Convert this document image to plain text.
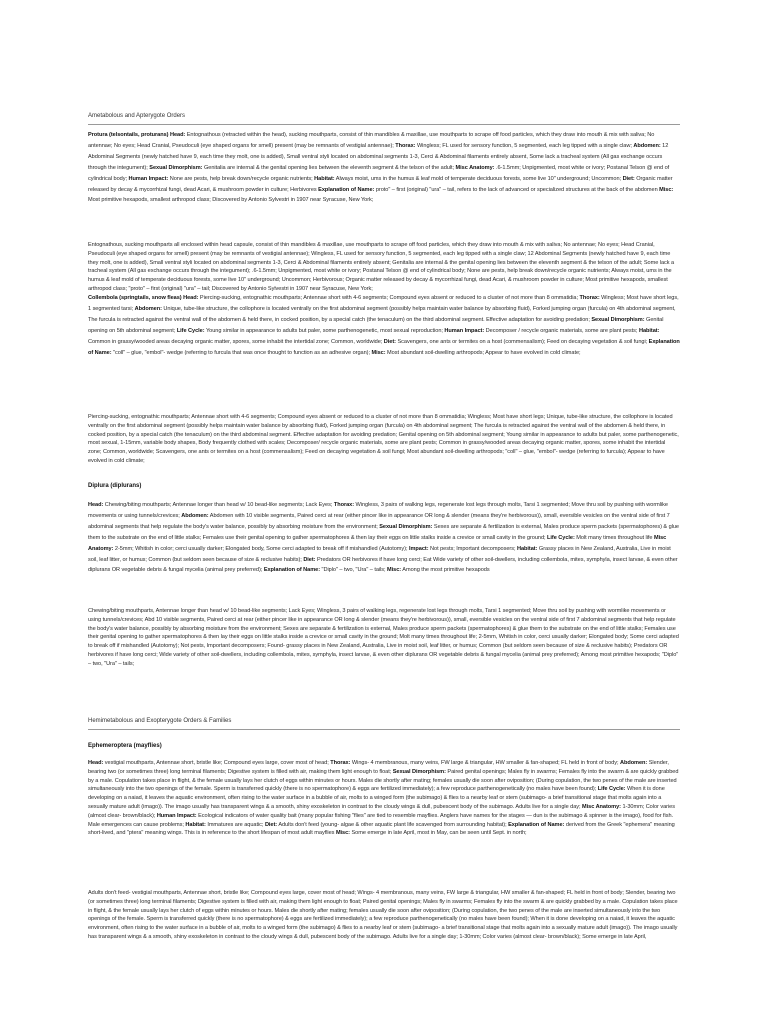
Ametabolous and Apterygote Orders

Protura (telsontails, proturans) Head: Entognathous (retracted within the head), sucking mouthparts, consist of thin mandibles & maxillae, use mouthparts to scrape off food particles, which they draw into mouth & mix with saliva; No antennae; No eyes; Head Cranial, Pseudoculi (eye shaped organs for smell) present (may be remnants of vestigial antennae); Thorax: Wingless; FL used for sensory function, 5 segmented, each leg tipped with a single claw; Abdomen: 12 Abdominal Segments (newly hatched have 9, each time they molt, one is added), Small ventral styli located on abdominal segments 1-3, Cerci & Abdominal filaments entirely absent, Some lack a tracheal system (All gas exchange occurs through the integument); Sexual Dimorphism: Genitalia are internal & the genital opening lies between the eleventh segment & the telson of the adult; Misc Anatomy: .6-1.5mm; Unpigmented, most white or ivory; Postanal Telson @ end of cylindrical body; Human Impact: None are pests, help break down/recycle organic nutrients; Habitat: Always moist, ums in the humus & leaf mold of temperate deciduous forests, some live 10" underground; Uncommon; Diet: Organic matter released by decay & mycorrhizal fungi, dead Acari, & mushroom powder in culture; Herbivores Explanation of Name: proto" – first (original) "ura" – tail, refers to the lack of advanced or specialized structures at the back of the abdomen Misc: Most primitive hexapods, smallest arthropod class; Discovered by Antonio Sylvestri in 1907 near Syracuse, New York;

Entognathous, sucking mouthparts all enclosed within head capsule, consist of thin mandibles & maxillae, use mouthparts to scrape off food particles, which they draw into mouth & mix with saliva; No antennae; No eyes; Head Cranial, Pseudoculi (eye shaped organs for smell) present (may be remnants of vestigial antennae); Wingless, FL used for sensory function, 5 segmented, each leg tipped with a single claw; 12 Abdominal Segments (newly hatched have 9, each time they molt, one is added), Small ventral styli located on abdominal segments 1-3, Cerci & Abdominal filaments entirely absent; Genitalia are internal & the genital opening lies between the eleventh segment & the telson of the adult; Some lack a tracheal system (All gas exchange occurs through the integument); .6-1.5mm; Unpigmented, most white or ivory; Postanal Telson @ end of cylindrical body; None are pests, help break down/recycle organic nutrients; Always moist, ums in the humus & leaf mold of temperate deciduous forests, some live 10" underground; Uncommon; Herbivorous; Organic matter released by decay & mycorrhizal fungi, dead Acari, & mushroom powder in culture; Most primitive hexapods, smallest arthropod class; "proto" – first (original) "ura" – tail; Discovered by Antonio Sylvestri in 1907 near Syracuse, New York;

Collembola (springtails, snow fleas) Head: Piercing-sucking, entognathic mouthparts; Antennae short with 4-6 segments; Compound eyes absent or reduced to a cluster of not more than 8 ommatidia; Thorax: Wingless; Most have short legs, 1 segmented tarsi; Abdomen: Unique, tube-like structure, the collophore is located ventrally on the first abdominal segment (possibly helps maintain water balance by absorbing fluid), Forked jumping organ (furcula) on 4th abdominal segment, The furcula is retracted against the ventral wall of the abdomen & held there, in cocked position, by a special catch (the tenaculum) on the third abdominal segment. Effective adaptation for avoiding predation; Sexual Dimorphism: Genital opening on 5th abdominal segment; Life Cycle: Young similar in appearance to adults but paler, some parthenogenetic, most sexual reproduction; Human Impact: Decomposer / recycle organic materials, some are plant pests; Habitat: Common in grassy/wooded areas decaying organic matter, spores, some inhabit the intertidal zone; Common, worldwide; Diet: Scavengers, one ants or termites on a host (commensalism); Feed on decaying vegetation & soil fungi; Explanation of Name: "coll" – glue, "embol"- wedge (referring to furcula that was once thought to function as an adhesive organ); Misc: Most abundant soil-dwelling arthropods; Appear to have evolved in cold climate;

Piercing-sucking, entognathic mouthparts; Antennae short with 4-6 segments; Compound eyes absent or reduced to a cluster of not more than 8 ommatidia; Wingless; Most have short legs; Unique, tube-like structure, the collophore is located ventrally on the first abdominal segment (possibly helps maintain water balance by absorbing fluid), Forked jumping organ (furcula) on 4th abdominal segment; The furcula is retracted against the ventral wall of the abdomen & held there, in cocked position, by a special catch (the tenaculum) on the third abdominal segment. Effective adaptation for avoiding predation; Genital opening on 5th abdominal segment; Young similar in appearance to adults but paler, some parthenogenetic, most sexual, 1-15mm, variable body shapes, Body frequently clothed with scales; Decomposer/ recycle organic materials, some are plant pests; Common in grassy/wooded areas decaying organic matter, spores, some inhabit the intertidal zone; Common, worldwide; Scavengers, one ants or termites on a host (commensalism); Feed on decaying vegetation & soil fungi; Most abundant soil-dwelling arthropods; "coll" – glue, "embol"- wedge (referring to furcula); Appear to have evolved in cold climate;

Diplura (diplurans)

Head: Chewing/biting mouthparts; Antennae longer than head w/ 10 bead-like segments; Lack Eyes; Thorax: Wingless, 3 pairs of walking legs, regenerate lost legs through molts, Tarsi 1 segmented; Move thru soil by pushing with wormlike movements or using tunnels/crevices; Abdomen: Abdomen with 10 visible segments, Paired cerci at rear (either pincer like in appearance OR long & slender (means they're herbivorous)), small, eversible vesicles on the ventral side of first 7 abdominal segments that help regulate the body's water balance, possibly by absorbing moisture from the environment; Sexual Dimorphism: Sexes are separate & fertilization is external, Males produce sperm packets (spermatophores) & glue them to the substrate on the end of little stalks; Females use their genital opening to gather spermatophores & then lay their eggs on little stalks inside a crevice or small cavity in the ground; Life Cycle: Molt many times throughout life Misc Anatomy: 2-5mm; Whitish in color; cerci usually darker; Elongated body, Some cerci adapted to break off if mishandled (Autotomy); Impact: Not pests; Important decomposers; Habitat: Grassy places in New Zealand, Australia, Live in moist soil, leaf litter, or humus; Common (but seldom seen because of size & reclusive habits); Diet: Predators OR herbivores if have long cerci; Eat Wide variety of other soil-dwellers, including collembola, mites, symphyla, insect larvae, & even other diplurans OR vegetable debris & fungal mycelia (animal prey preferred); Explanation of Name: "Diplo" – two, "Ura" – tails; Misc: Among the most primitive hexapods

Chewing/biting mouthparts, Antennae longer than head w/ 10 bead-like segments; Lack Eyes; Wingless, 3 pairs of walking legs, regenerate lost legs through molts, Tarsi 1 segmented; Move thru soil by pushing with wormlike movements or using tunnels/crevices; Abd 10 visible segments, Paired cerci at rear (either pincer like in appearance OR long & slender (means they're herbivorous)), small, eversible vesicles on the ventral side of first 7 abdominal segments that help regulate the body's water balance, possibly by absorbing moisture from the environment; Sexes are separate & fertilization is external, Males produce sperm packets (spermatophores) & glue them to the substrate on the end of little stalks; Females use their genital opening to gather spermatophores & then lay their eggs on little stalks inside a crevice or small cavity in the ground; Molt many times throughout life; 2-5mm, Whitish in color, cerci usually darker; Elongated body; Some cerci adapted to break off if mishandled (Autotomy); Not pests, Important decomposers; Found- grassy places in New Zealand, Australia, Live in moist soil, leaf litter, or humus; Common (but seldom seen because of size & reclusive habits); Predators OR herbivores if have long cerci; Wide variety of other soil-dwellers, including collembola, mites, symphyla, insect larvae, & even other diplurans OR vegetable debris & fungal mycelia (animal prey preferred); Among most primitive hexapods; "Diplo" – two, "Ura" – tails;

Hemimetabolous and Exopterygote Orders & Families
Ephemeroptera (mayflies)

Head: vestigial mouthparts, Antennae short, bristle like; Compound eyes large, cover most of head; Thorax: Wings- 4 membranous, many veins, FW large & triangular, HW smaller & fan-shaped; FL held in front of body; Abdomen: Slender, bearing two (or sometimes three) long terminal filaments; Digestive system is filled with air, making them light enough to float; Sexual Dimorphism: Paired genital openings; Males fly in swarms; Females fly into the swarm & are quickly grabbed by a male. Copulation takes place in flight, & the female usually lays her clutch of eggs within minutes or hours. Males die shortly after mating; females usually die soon after oviposition; (During copulation, the two penes of the male are inserted simultaneously into the two openings of the female. Sperm is transferred quickly (there is no spermatophore) & eggs are fertilized immediately); a few reproduce parthenogenetically (no males have been found); Life Cycle: When it is done developing on a naiad, it leaves the aquatic environment, often rising to the water surface in a bubble of air, molts to a winged form (the subimago) & flies to a nearby leaf or stem (subimago- a brief transitional stage that molts again into a sexually mature adult (imago)). The imago usually has transparent wings & a smooth, shiny exoskeleton in contrast to the cloudy wings & dull, pubescent body of the subimago. Adults live for a single day; Misc Anatomy: 1-30mm; Color varies (almost clear- brown/black); Human Impact: Ecological indicators of water quality bait (many popular fishing "flies" are tied to resemble mayflies. Anglers have names for the stages — dun is the subimago & spinner is the imago), food for fish. Male emergences can cause problems; Habitat: Immatures are aquatic; Diet: Adults don't feed (young- algae & other aquatic plant life scavenged from surrounding habitat); Explanation of Name: derived from the Greek "ephemera" meaning short-lived, and "ptera" meaning wings. This is in reference to the short lifespan of most adult mayflies Misc: Some emerge in late April, most in May, can be seen until Sept. in north;

Adults don't feed- vestigial mouthparts, Antennae short, bristle like; Compound eyes large, cover most of head; Wings- 4 membranous, many veins, FW large & triangular, HW smaller & fan-shaped; FL held in front of body; Slender, bearing two (or sometimes three) long terminal filaments; Digestive system is filled with air, making them light enough to float; Paired genital openings; Males fly in swarms; Females fly into the swarm & are quickly grabbed by a male. Copulation takes place in flight, & the female usually lays her clutch of eggs within minutes or hours. Males die shortly after mating; females usually die soon after oviposition; (During copulation, the two penes of the male are inserted simultaneously into the two openings of the female. Sperm is transferred quickly (there is no spermatophore) & eggs are fertilized immediately); a few reproduce parthenogenetically (no males have been found); When it is done developing on a naiad, it leaves the aquatic environment, often rising to the water surface in a bubble of air, molts to a winged form (the subimago) & flies to a nearby leaf or stem (subimago- a brief transitional stage that molts again into a sexually mature adult (imago)). The imago usually has transparent wings & a smooth, shiny exoskeleton in contrast to the cloudy wings & dull, pubescent body of the subimago. Adults live for a single day; 1-30mm; Color varies (almost clear- brown/black); Some emerge in late April,
